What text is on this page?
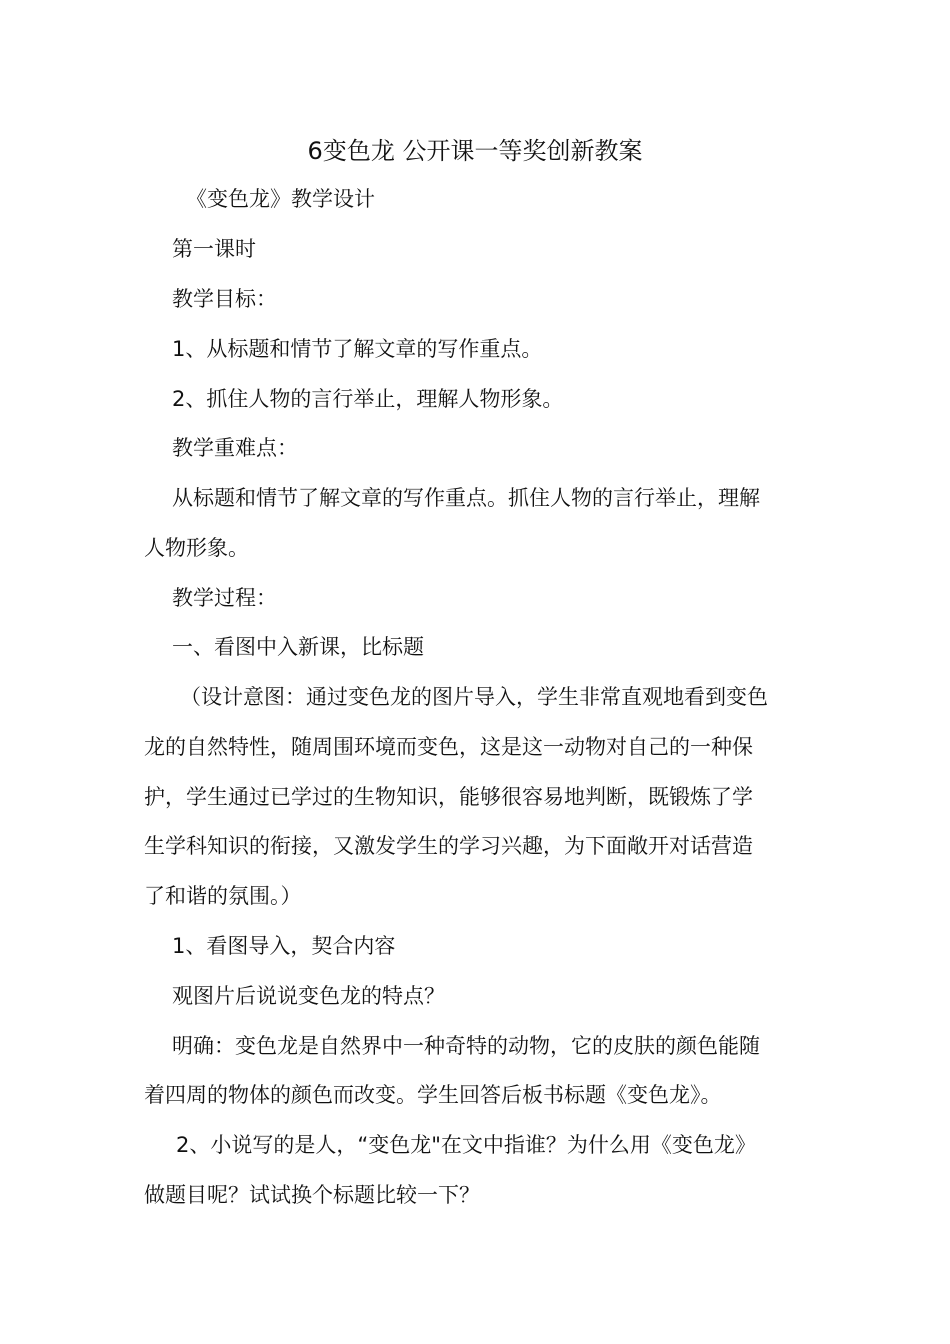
6变色龙 公开课一等奖创新教案
《变色龙》教学设计
第一课时
教学目标：
1、从标题和情节了解文章的写作重点。
2、抓住人物的言行举止，理解人物形象。
教学重难点：
从标题和情节了解文章的写作重点。抓住人物的言行举止，理解
人物形象。
教学过程：
一、看图中入新课，比标题
（设计意图：通过变色龙的图片导入，学生非常直观地看到变色
龙的自然特性，随周围环境而变色，这是这一动物对自己的一种保
护，学生通过已学过的生物知识，能够很容易地判断，既锻炼了学
生学科知识的衔接，又激发学生的学习兴趣，为下面敞开对话营造
了和谐的氛围。）
1、看图导入，契合内容
观图片后说说变色龙的特点？
明确：变色龙是自然界中一种奇特的动物，它的皮肤的颜色能随
着四周的物体的颜色而改变。学生回答后板书标题《变色龙》。
2、小说写的是人，“变色龙"在文中指谁？为什么用《变色龙》
做题目呢？试试换个标题比较一下？
